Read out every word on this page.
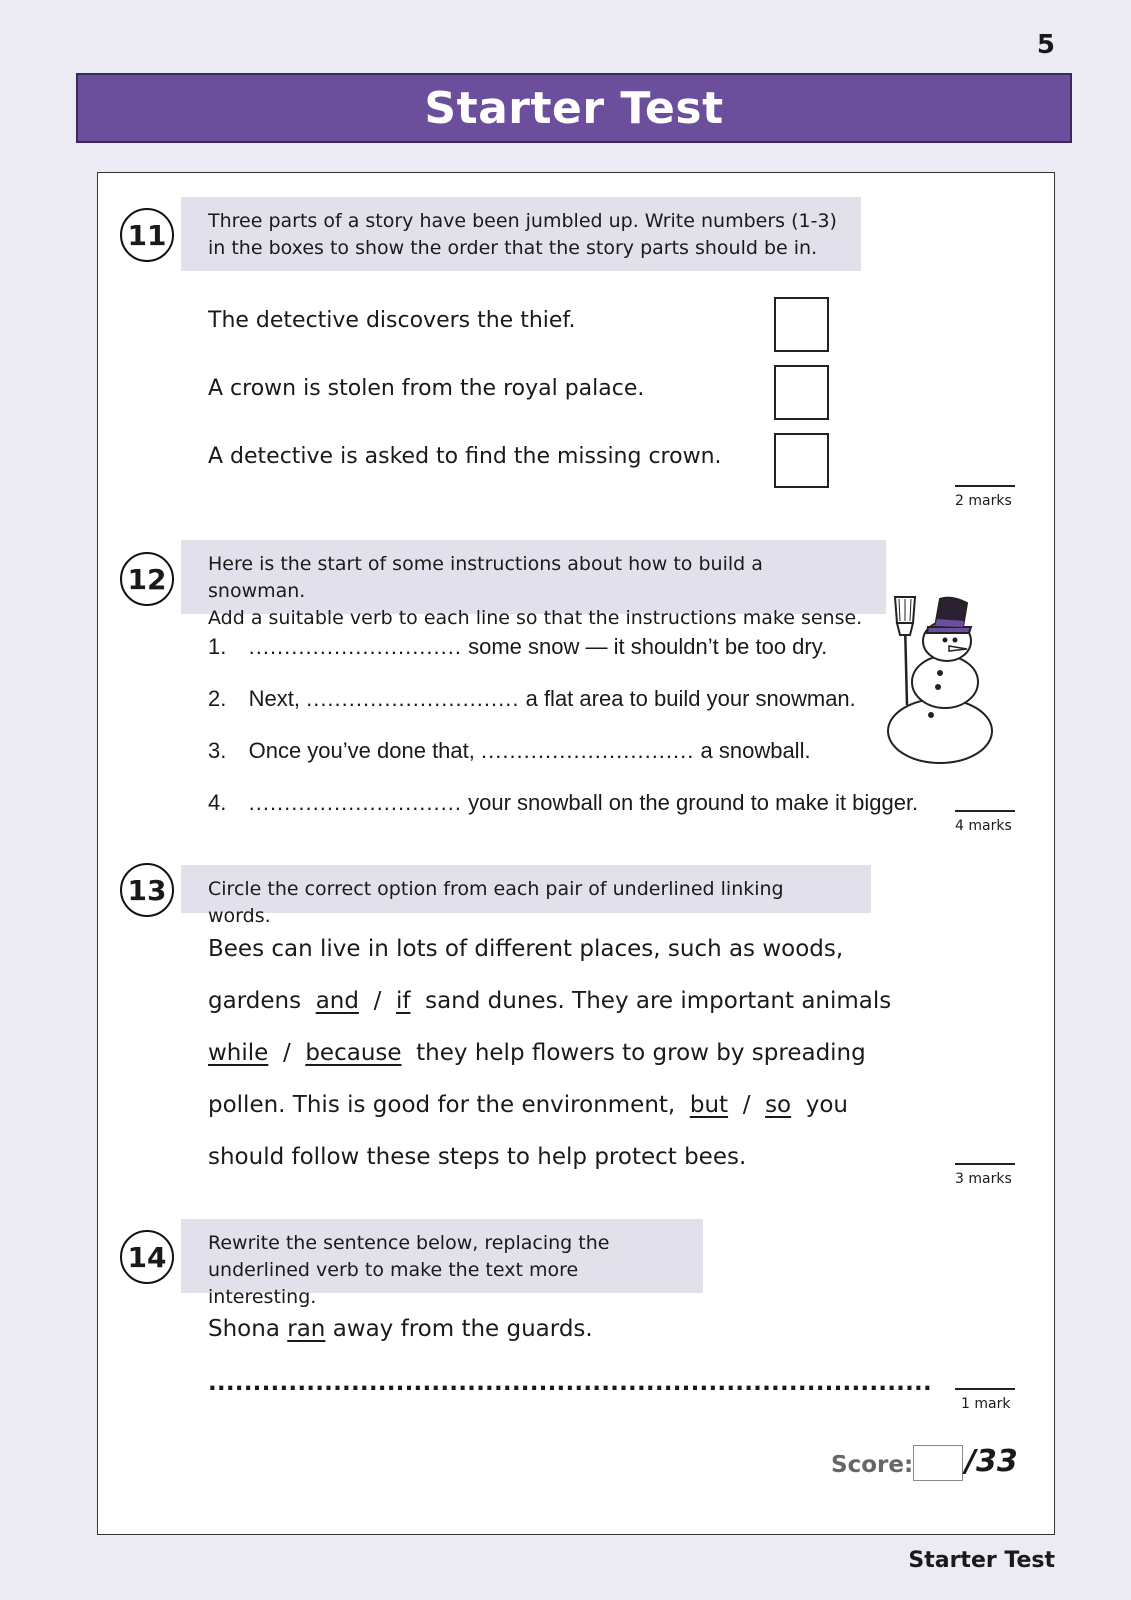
5
Starter Test
11	Three parts of a story have been jumbled up. Write numbers (1-3)
in the boxes to show the order that the story parts should be in.
The detective discovers the thief.
A crown is stolen from the royal palace.
A detective is asked to find the missing crown.
2 marks
12	Here is the start of some instructions about how to build a snowman.
Add a suitable verb to each line so that the instructions make sense.
1. .............................. some snow — it shouldn’t be too dry.
2. Next, .............................. a flat area to build your snowman.
3. Once you’ve done that, .............................. a snowball.
4. .............................. your snowball on the ground to make it bigger.
4 marks
13	Circle the correct option from each pair of underlined linking words.
Bees can live in lots of different places, such as woods,
gardens and / if sand dunes. They are important animals
while / because they help flowers to grow by spreading
pollen. This is good for the environment, but / so you
should follow these steps to help protect bees.
3 marks
14	Rewrite the sentence below, replacing the
underlined verb to make the text more interesting.
Shona ran away from the guards.
.................................................................................
1 mark
Score: /33
Starter Test
